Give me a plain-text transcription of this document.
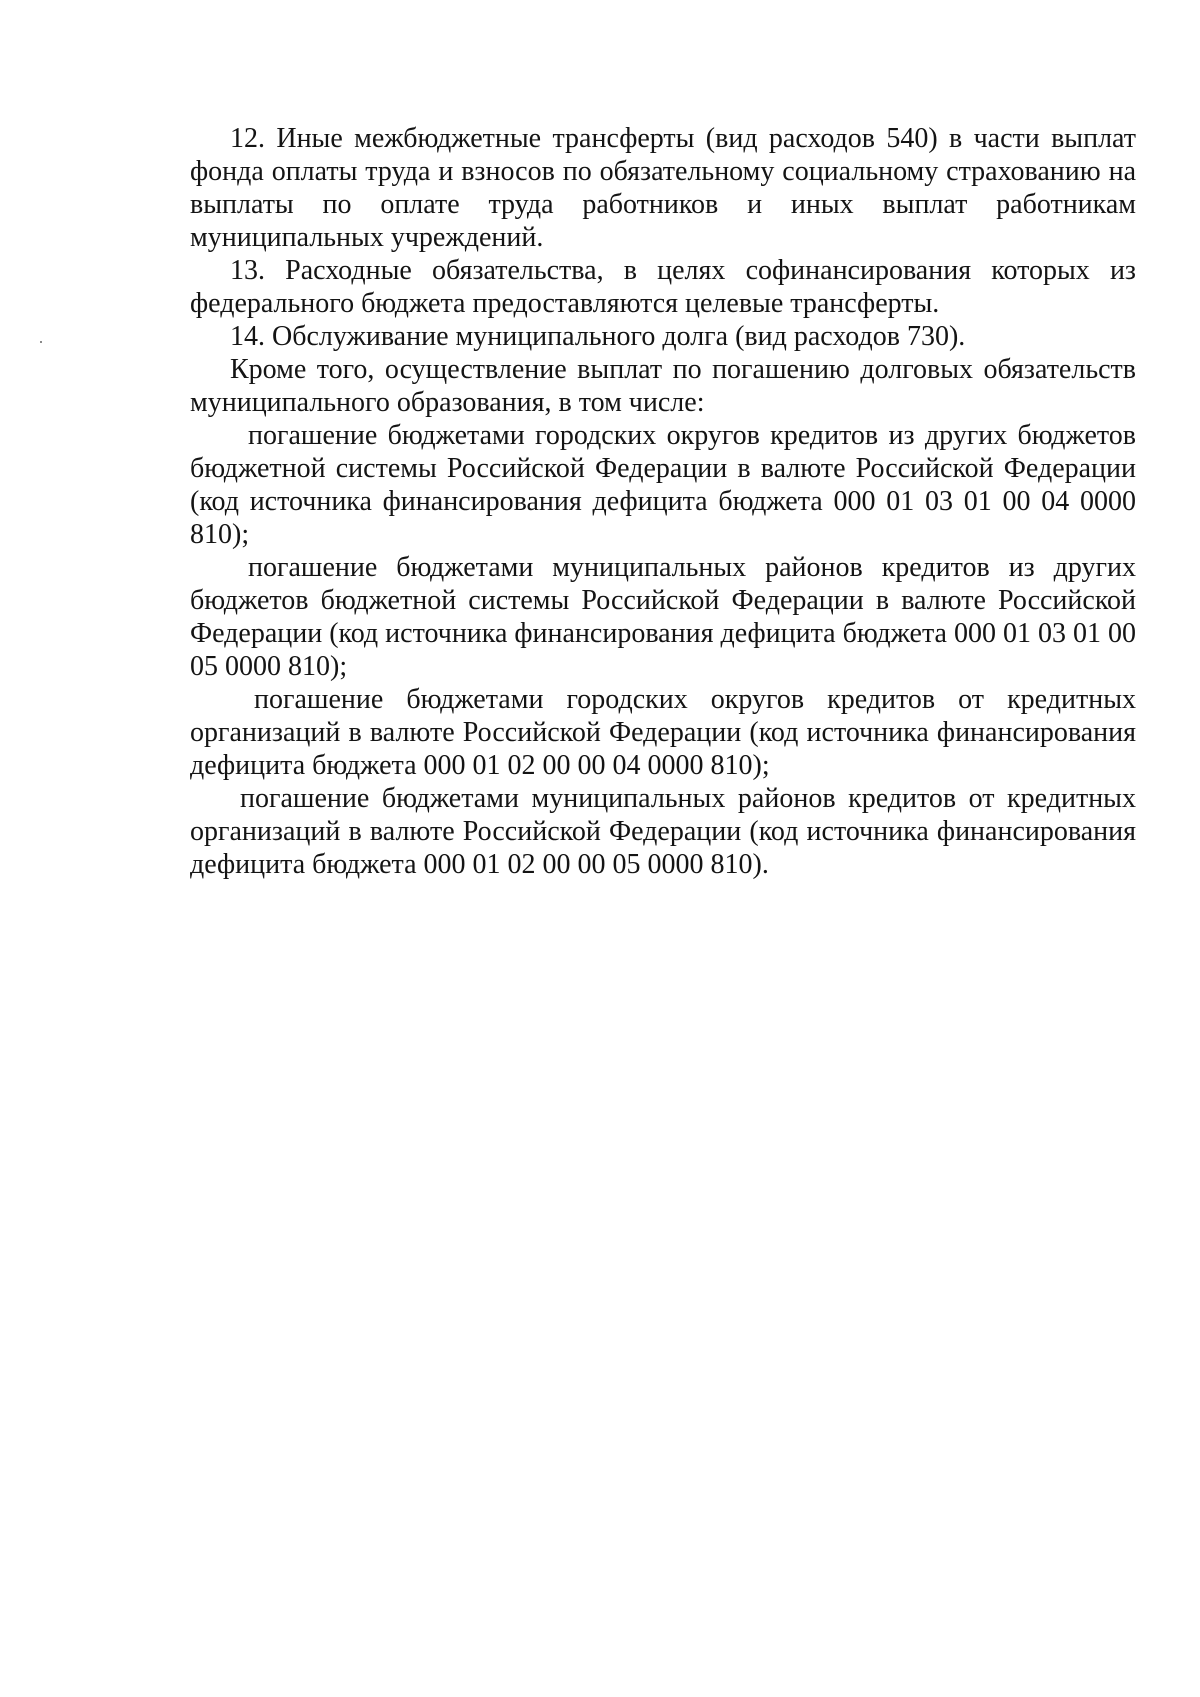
12. Иные межбюджетные трансферты (вид расходов 540) в части выплат фонда оплаты труда и взносов по обязательному социальному страхованию на выплаты по оплате труда работников и иных выплат работникам муниципальных учреждений.

13. Расходные обязательства, в целях софинансирования которых из федерального бюджета предоставляются целевые трансферты.

14. Обслуживание муниципального долга (вид расходов 730).

Кроме того, осуществление выплат по погашению долговых обязательств муниципального образования, в том числе:

погашение бюджетами городских округов кредитов из других бюджетов бюджетной системы Российской Федерации в валюте Российской Федерации (код источника финансирования дефицита бюджета 000 01 03 01 00 04 0000 810);

погашение бюджетами муниципальных районов кредитов из других бюджетов бюджетной системы Российской Федерации в валюте Российской Федерации (код источника финансирования дефицита бюджета 000 01 03 01 00 05 0000 810);

погашение бюджетами городских округов кредитов от кредитных организаций в валюте Российской Федерации (код источника финансирования дефицита бюджета 000 01 02 00 00 04 0000 810);

погашение бюджетами муниципальных районов кредитов от кредитных организаций в валюте Российской Федерации (код источника финансирования дефицита бюджета 000 01 02 00 00 05 0000 810).
